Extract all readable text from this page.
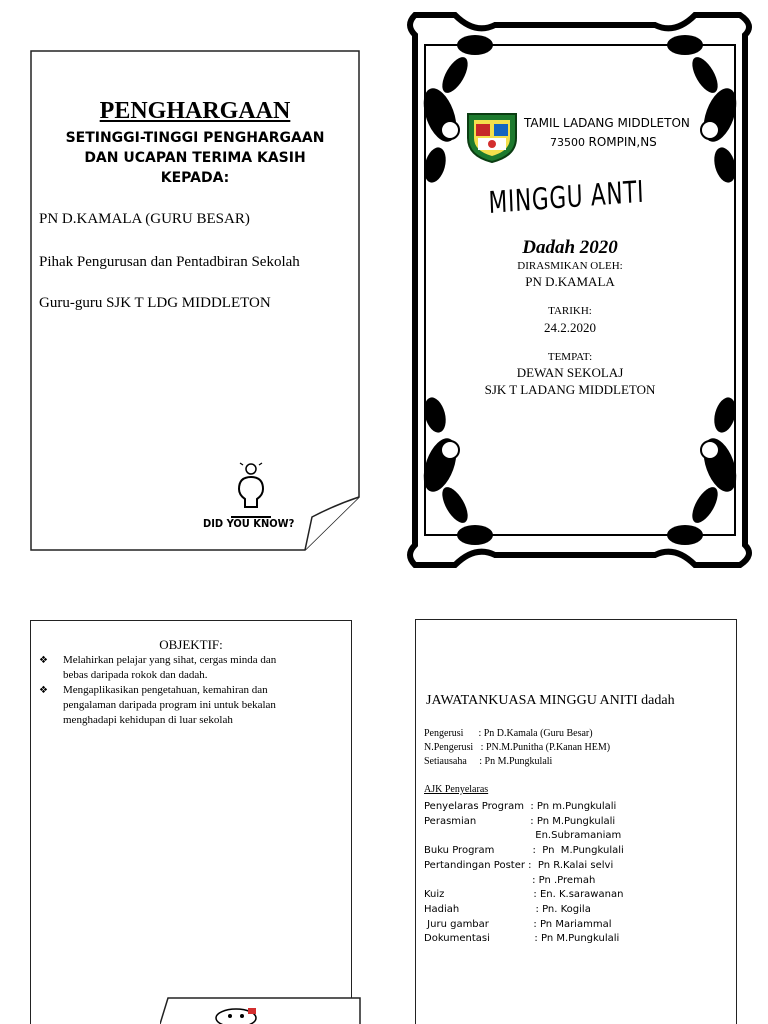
PENGHARGAAN
SETINGGI-TINGGI PENGHARGAAN
DAN UCAPAN TERIMA KASIH
KEPADA:
PN D.KAMALA (GURU BESAR)
Pihak Pengurusan dan Pentadbiran Sekolah
Guru-guru SJK T LDG MIDDLETON
DID YOU KNOW?
TAMIL LADANG MIDDLETON
73500 ROMPIN,NS
MINGGU ANTI
Dadah 2020
DIRASMIKAN OLEH:
PN D.KAMALA
TARIKH:
24.2.2020
TEMPAT:
DEWAN SEKOLAJ
SJK T LADANG MIDDLETON
OBJEKTIF:
❖ Melahirkan pelajar yang sihat, cergas minda dan
bebas daripada rokok dan dadah.
❖ Mengaplikasikan pengetahuan, kemahiran dan
pengalaman daripada program ini untuk bekalan
menghadapi kehidupan di luar sekolah
JAWATANKUASA MINGGU ANITI dadah
Pengerusi      : Pn D.Kamala (Guru Besar)
N.Pengerusi   : PN.M.Punitha (P.Kanan HEM)
Setiausaha     : Pn M.Pungkulali
AJK Penyelaras
Penyelaras Program  : Pn m.Pungkulali
Perasmian                 : Pn M.Pungkulali
En.Subramaniam
Buku Program            :  Pn  M.Pungkulali
Pertandingan Poster :  Pn R.Kalai selvi
: Pn .Premah
Kuiz                            : En. K.sarawanan
Hadiah                        : Pn. Kogila
Juru gambar              : Pn Mariammal
Dokumentasi              : Pn M.Pungkulali
